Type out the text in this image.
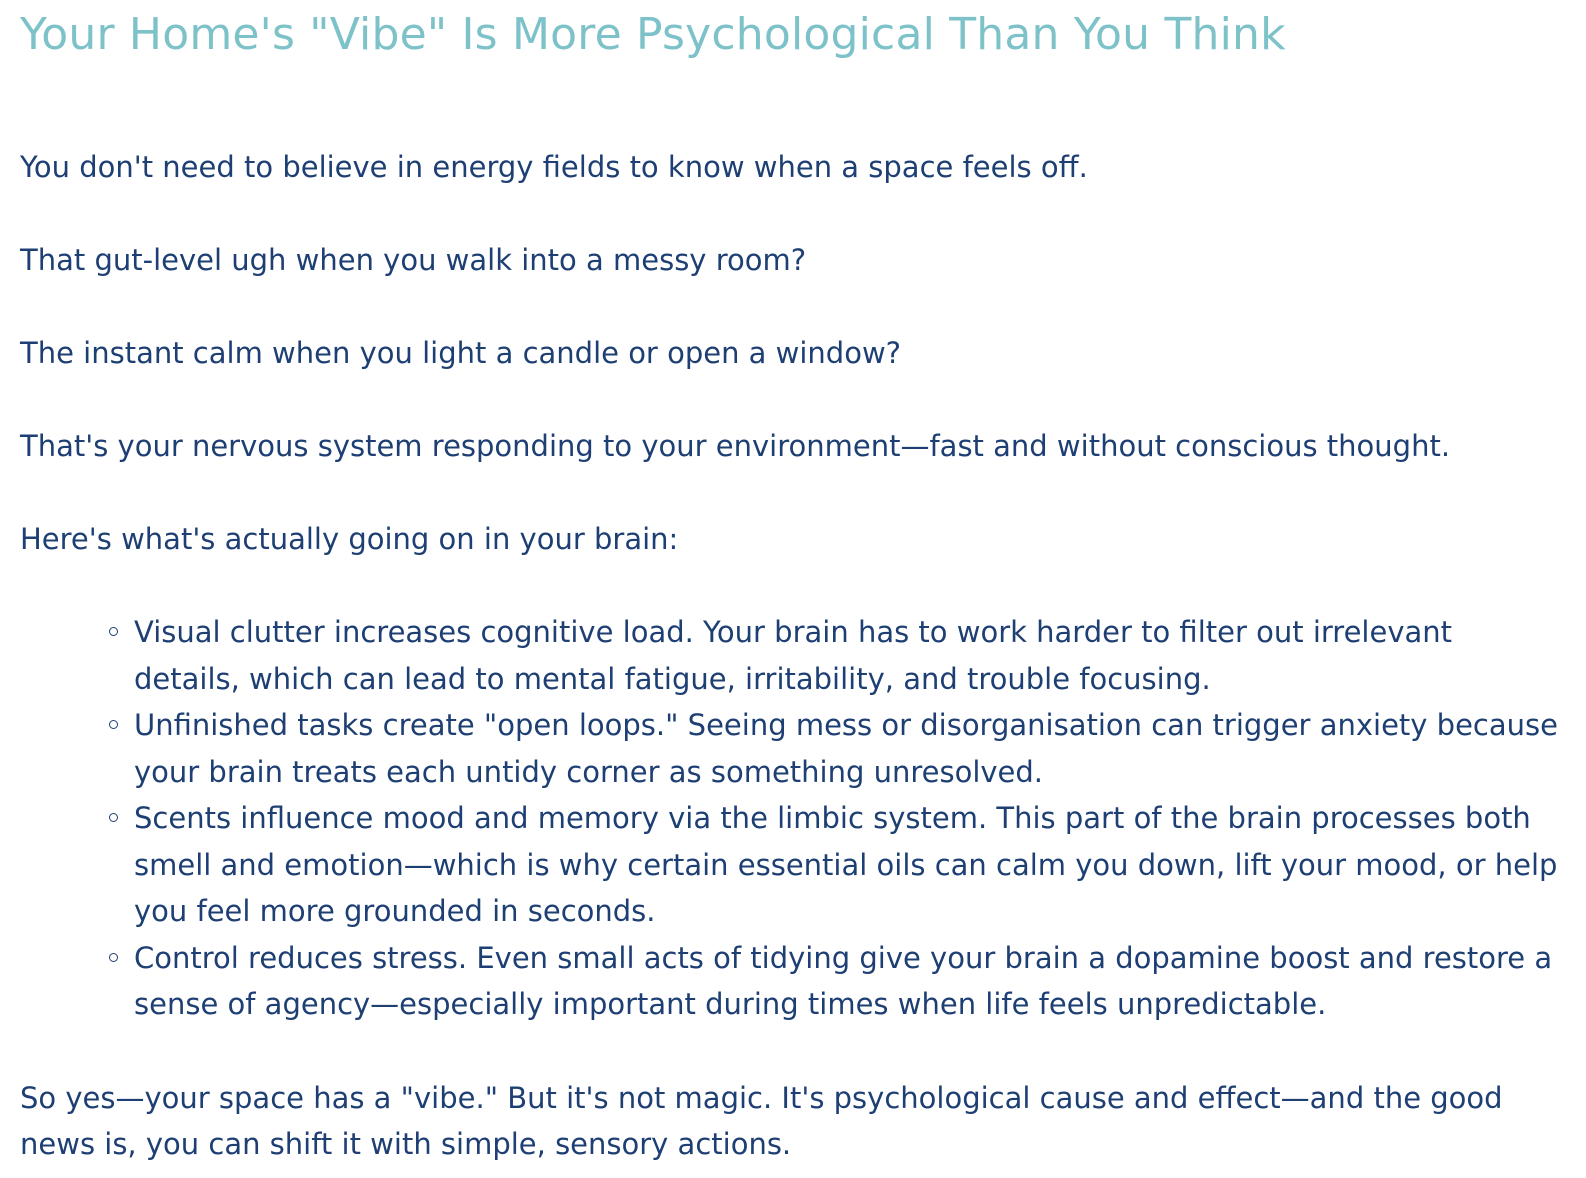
Your Home's "Vibe" Is More Psychological Than You Think

You don't need to believe in energy fields to know when a space feels off.

That gut-level ugh when you walk into a messy room?

The instant calm when you light a candle or open a window?

That's your nervous system responding to your environment—fast and without conscious thought.

Here's what's actually going on in your brain:

Visual clutter increases cognitive load. Your brain has to work harder to filter out irrelevant details, which can lead to mental fatigue, irritability, and trouble focusing.
Unfinished tasks create "open loops." Seeing mess or disorganisation can trigger anxiety because your brain treats each untidy corner as something unresolved.
Scents influence mood and memory via the limbic system. This part of the brain processes both smell and emotion—which is why certain essential oils can calm you down, lift your mood, or help you feel more grounded in seconds.
Control reduces stress. Even small acts of tidying give your brain a dopamine boost and restore a sense of agency—especially important during times when life feels unpredictable.

So yes—your space has a "vibe." But it's not magic. It's psychological cause and effect—and the good news is, you can shift it with simple, sensory actions.
